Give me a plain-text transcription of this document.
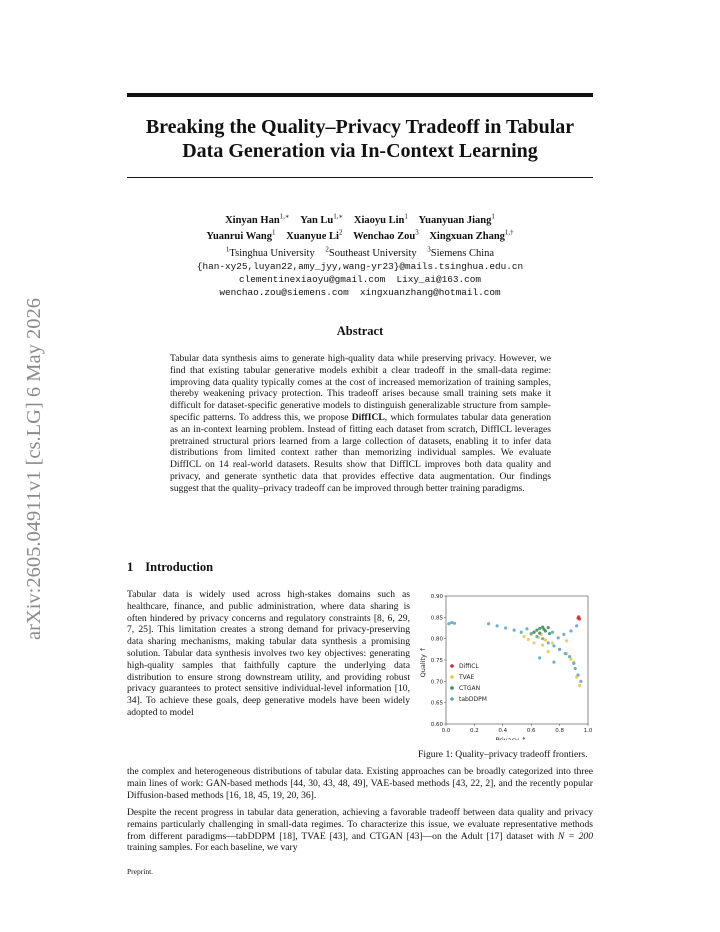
arXiv:2605.04911v1 [cs.LG] 6 May 2026
Breaking the Quality–Privacy Tradeoff in Tabular
Data Generation via In-Context Learning
Xinyan Han$^{1,∗}$ Yan $Lu^{1,∗}$ Xiaoyu Lin$^1$ Yuanyuan Jiang$^1$
Yuanrui Wang$^1$ Xuanyue Li$^2$ Wenchao Zou$^3$ Xingxuan Zhang$^{1,\dagger}$
$^1$Tsinghua University $^2$Southeast University $^3$Siemens China
{han-xy25,luyan22,amy_jyy,wang-yr23}@mails.tsinghua.edu.cn
clementinexiaoyu@gmail.com  Lixy_ai@163.com
wenchao.zou@siemens.com  xingxuanzhang@hotmail.com
Abstract
Tabular data synthesis aims to generate high-quality data while preserving privacy. However, we find that existing tabular generative models exhibit a clear tradeoff in the small-data regime: improving data quality typically comes at the cost of increased memorization of training samples, thereby weakening privacy protection. This tradeoff arises because small training sets make it difficult for dataset-specific generative models to distinguish generalizable structure from sample-specific patterns. To address this, we propose DiffICL, which formulates tabular data generation as an in-context learning problem. Instead of fitting each dataset from scratch, DiffICL leverages pretrained structural priors learned from a large collection of datasets, enabling it to infer data distributions from limited context rather than memorizing individual samples. We evaluate DiffICL on 14 real-world datasets. Results show that DiffICL improves both data quality and privacy, and generate synthetic data that provides effective data augmentation. Our findings suggest that the quality–privacy tradeoff can be improved through better training paradigms.
1 Introduction
Tabular data is widely used across high-stakes domains such as healthcare, finance, and public administration, where data sharing is often hindered by privacy concerns and regulatory constraints [8, 6, 29, 7, 25]. This limitation creates a strong demand for privacy-preserving data sharing mechanisms, making tabular data synthesis a promising solution. Tabular data synthesis involves two key objectives: generating high-quality samples that faithfully capture the underlying data distribution to ensure strong downstream utility, and providing robust privacy guarantees to protect sensitive individual-level information [10, 34]. To achieve these goals, deep generative models have been widely adopted to model
Quality ↑
Privacy ↑
0.0	0.2	0.4	0.6	0.8	1.0
0.60
0.65
0.70
0.75
0.80
0.85
0.90
DiffICL
TVAE
CTGAN
tabDDPM
Figure 1: Quality–privacy tradeoff frontiers.
the complex and heterogeneous distributions of tabular data. Existing approaches can be broadly categorized into three main lines of work: GAN-based methods [44, 30, 43, 48, 49], VAE-based methods [43, 22, 2], and the recently popular Diffusion-based methods [16, 18, 45, 19, 20, 36].
Despite the recent progress in tabular data generation, achieving a favorable tradeoff between data quality and privacy remains particularly challenging in small-data regimes. To characterize this issue, we evaluate representative methods from different paradigms—tabDDPM [18], TVAE [43], and CTGAN [43]—on the Adult [17] dataset with N = 200 training samples. For each baseline, we vary
Preprint.
